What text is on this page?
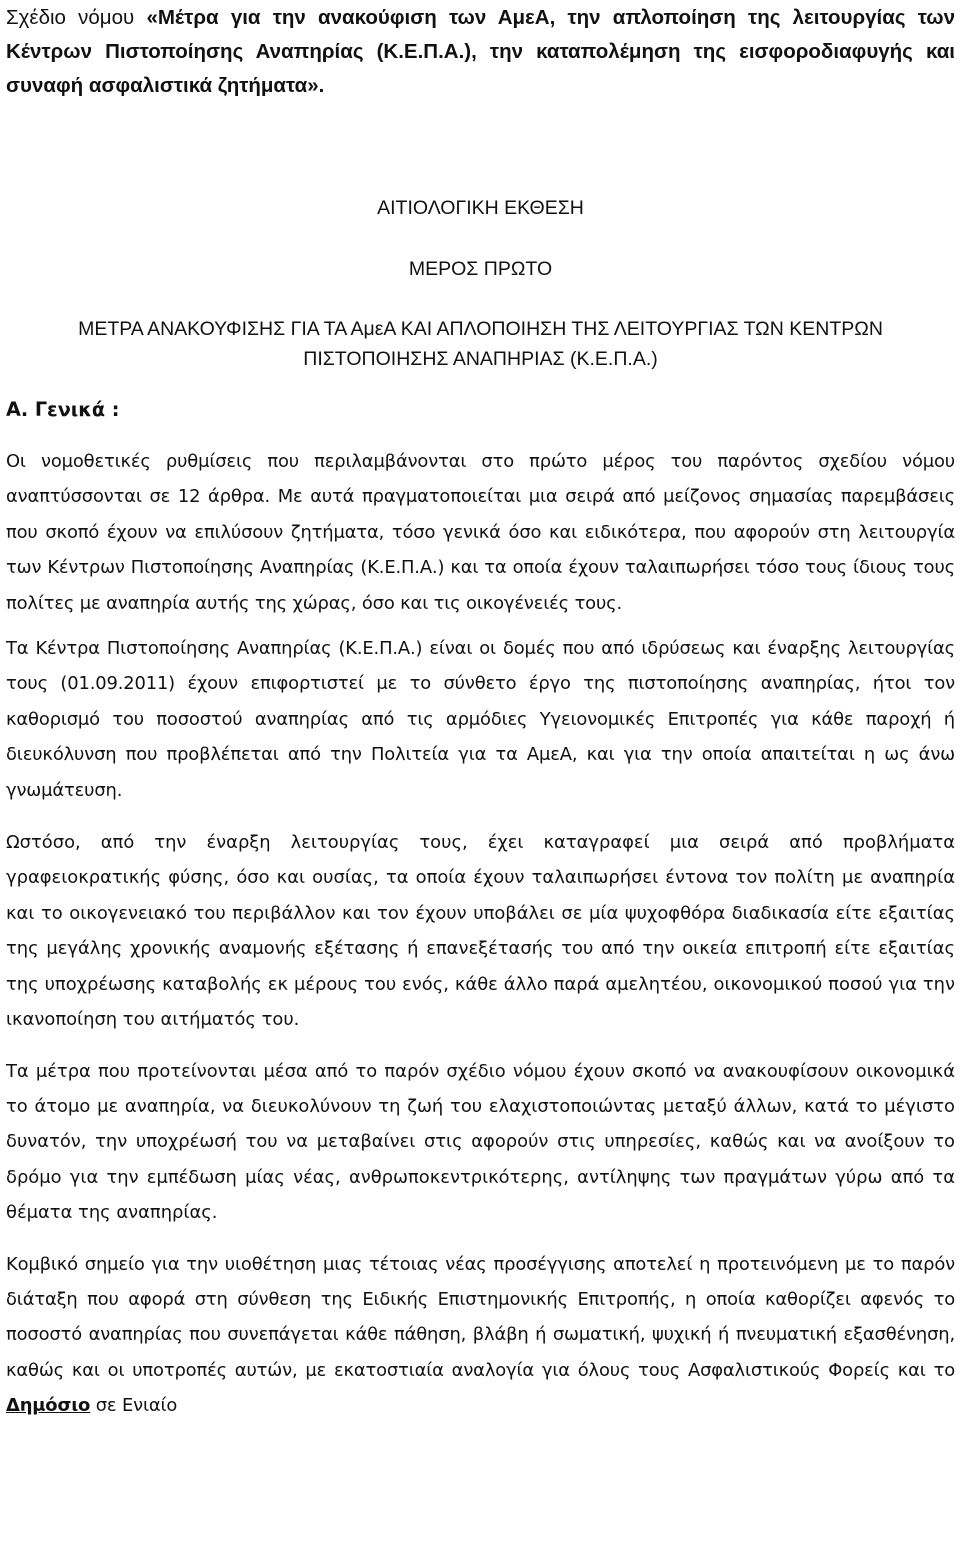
Σχέδιο νόμου «Μέτρα για την ανακούφιση των ΑμεΑ, την απλοποίηση της λειτουργίας των Κέντρων Πιστοποίησης Αναπηρίας (Κ.Ε.Π.Α.), την καταπολέμηση της εισφοροδιαφυγής και συναφή ασφαλιστικά ζητήματα».
ΑΙΤΙΟΛΟΓΙΚΗ ΕΚΘΕΣΗ
ΜΕΡΟΣ ΠΡΩΤΟ
ΜΕΤΡΑ ΑΝΑΚΟΥΦΙΣΗΣ ΓΙΑ ΤΑ ΑμεΑ ΚΑΙ ΑΠΛΟΠΟΙΗΣΗ ΤΗΣ ΛΕΙΤΟΥΡΓΙΑΣ ΤΩΝ ΚΕΝΤΡΩΝ
ΠΙΣΤΟΠΟΙΗΣΗΣ ΑΝΑΠΗΡΙΑΣ (Κ.Ε.Π.Α.)
Α. Γενικά :

Οι νομοθετικές ρυθμίσεις που περιλαμβάνονται στο πρώτο μέρος του παρόντος σχεδίου νόμου αναπτύσσονται σε 12 άρθρα. Με αυτά πραγματοποιείται μια σειρά από μείζονος σημασίας παρεμβάσεις που σκοπό έχουν να επιλύσουν ζητήματα, τόσο γενικά όσο και ειδικότερα, που αφορούν στη λειτουργία των Κέντρων Πιστοποίησης Αναπηρίας (Κ.Ε.Π.Α.) και τα οποία έχουν ταλαιπωρήσει τόσο τους ίδιους τους πολίτες με αναπηρία αυτής της χώρας, όσο και τις οικογένειές τους.

Τα Κέντρα Πιστοποίησης Αναπηρίας (Κ.Ε.Π.Α.) είναι οι δομές που από ιδρύσεως και έναρξης λειτουργίας τους (01.09.2011) έχουν επιφορτιστεί με το σύνθετο έργο της πιστοποίησης αναπηρίας, ήτοι τον καθορισμό του ποσοστού αναπηρίας από τις αρμόδιες Υγειονομικές Επιτροπές για κάθε παροχή ή διευκόλυνση που προβλέπεται από την Πολιτεία για τα ΑμεΑ, και για την οποία απαιτείται η ως άνω γνωμάτευση.

Ωστόσο, από την έναρξη λειτουργίας τους, έχει καταγραφεί μια σειρά από προβλήματα γραφειοκρατικής φύσης, όσο και ουσίας, τα οποία έχουν ταλαιπωρήσει έντονα τον πολίτη με αναπηρία και το οικογενειακό του περιβάλλον και τον έχουν υποβάλει σε μία ψυχοφθόρα διαδικασία είτε εξαιτίας της μεγάλης χρονικής αναμονής εξέτασης ή επανεξέτασής του από την οικεία επιτροπή είτε εξαιτίας της υποχρέωσης καταβολής εκ μέρους του ενός, κάθε άλλο παρά αμελητέου, οικονομικού ποσού για την ικανοποίηση του αιτήματός του.

Τα μέτρα που προτείνονται μέσα από το παρόν σχέδιο νόμου έχουν σκοπό να ανακουφίσουν οικονομικά το άτομο με αναπηρία, να διευκολύνουν τη ζωή του ελαχιστοποιώντας μεταξύ άλλων, κατά το μέγιστο δυνατόν, την υποχρέωσή του να μεταβαίνει στις αφορούν στις υπηρεσίες, καθώς και να ανοίξουν το δρόμο για την εμπέδωση μίας νέας, ανθρωποκεντρικότερης, αντίληψης των πραγμάτων γύρω από τα θέματα της αναπηρίας.

Κομβικό σημείο για την υιοθέτηση μιας τέτοιας νέας προσέγγισης αποτελεί η προτεινόμενη με το παρόν διάταξη που αφορά στη σύνθεση της Ειδικής Επιστημονικής Επιτροπής, η οποία καθορίζει αφενός το ποσοστό αναπηρίας που συνεπάγεται κάθε πάθηση, βλάβη ή σωματική, ψυχική ή πνευματική εξασθένηση, καθώς και οι υποτροπές αυτών, με εκατοστιαία αναλογία για όλους τους Ασφαλιστικούς Φορείς και το Δημόσιο σε Ενιαίο
